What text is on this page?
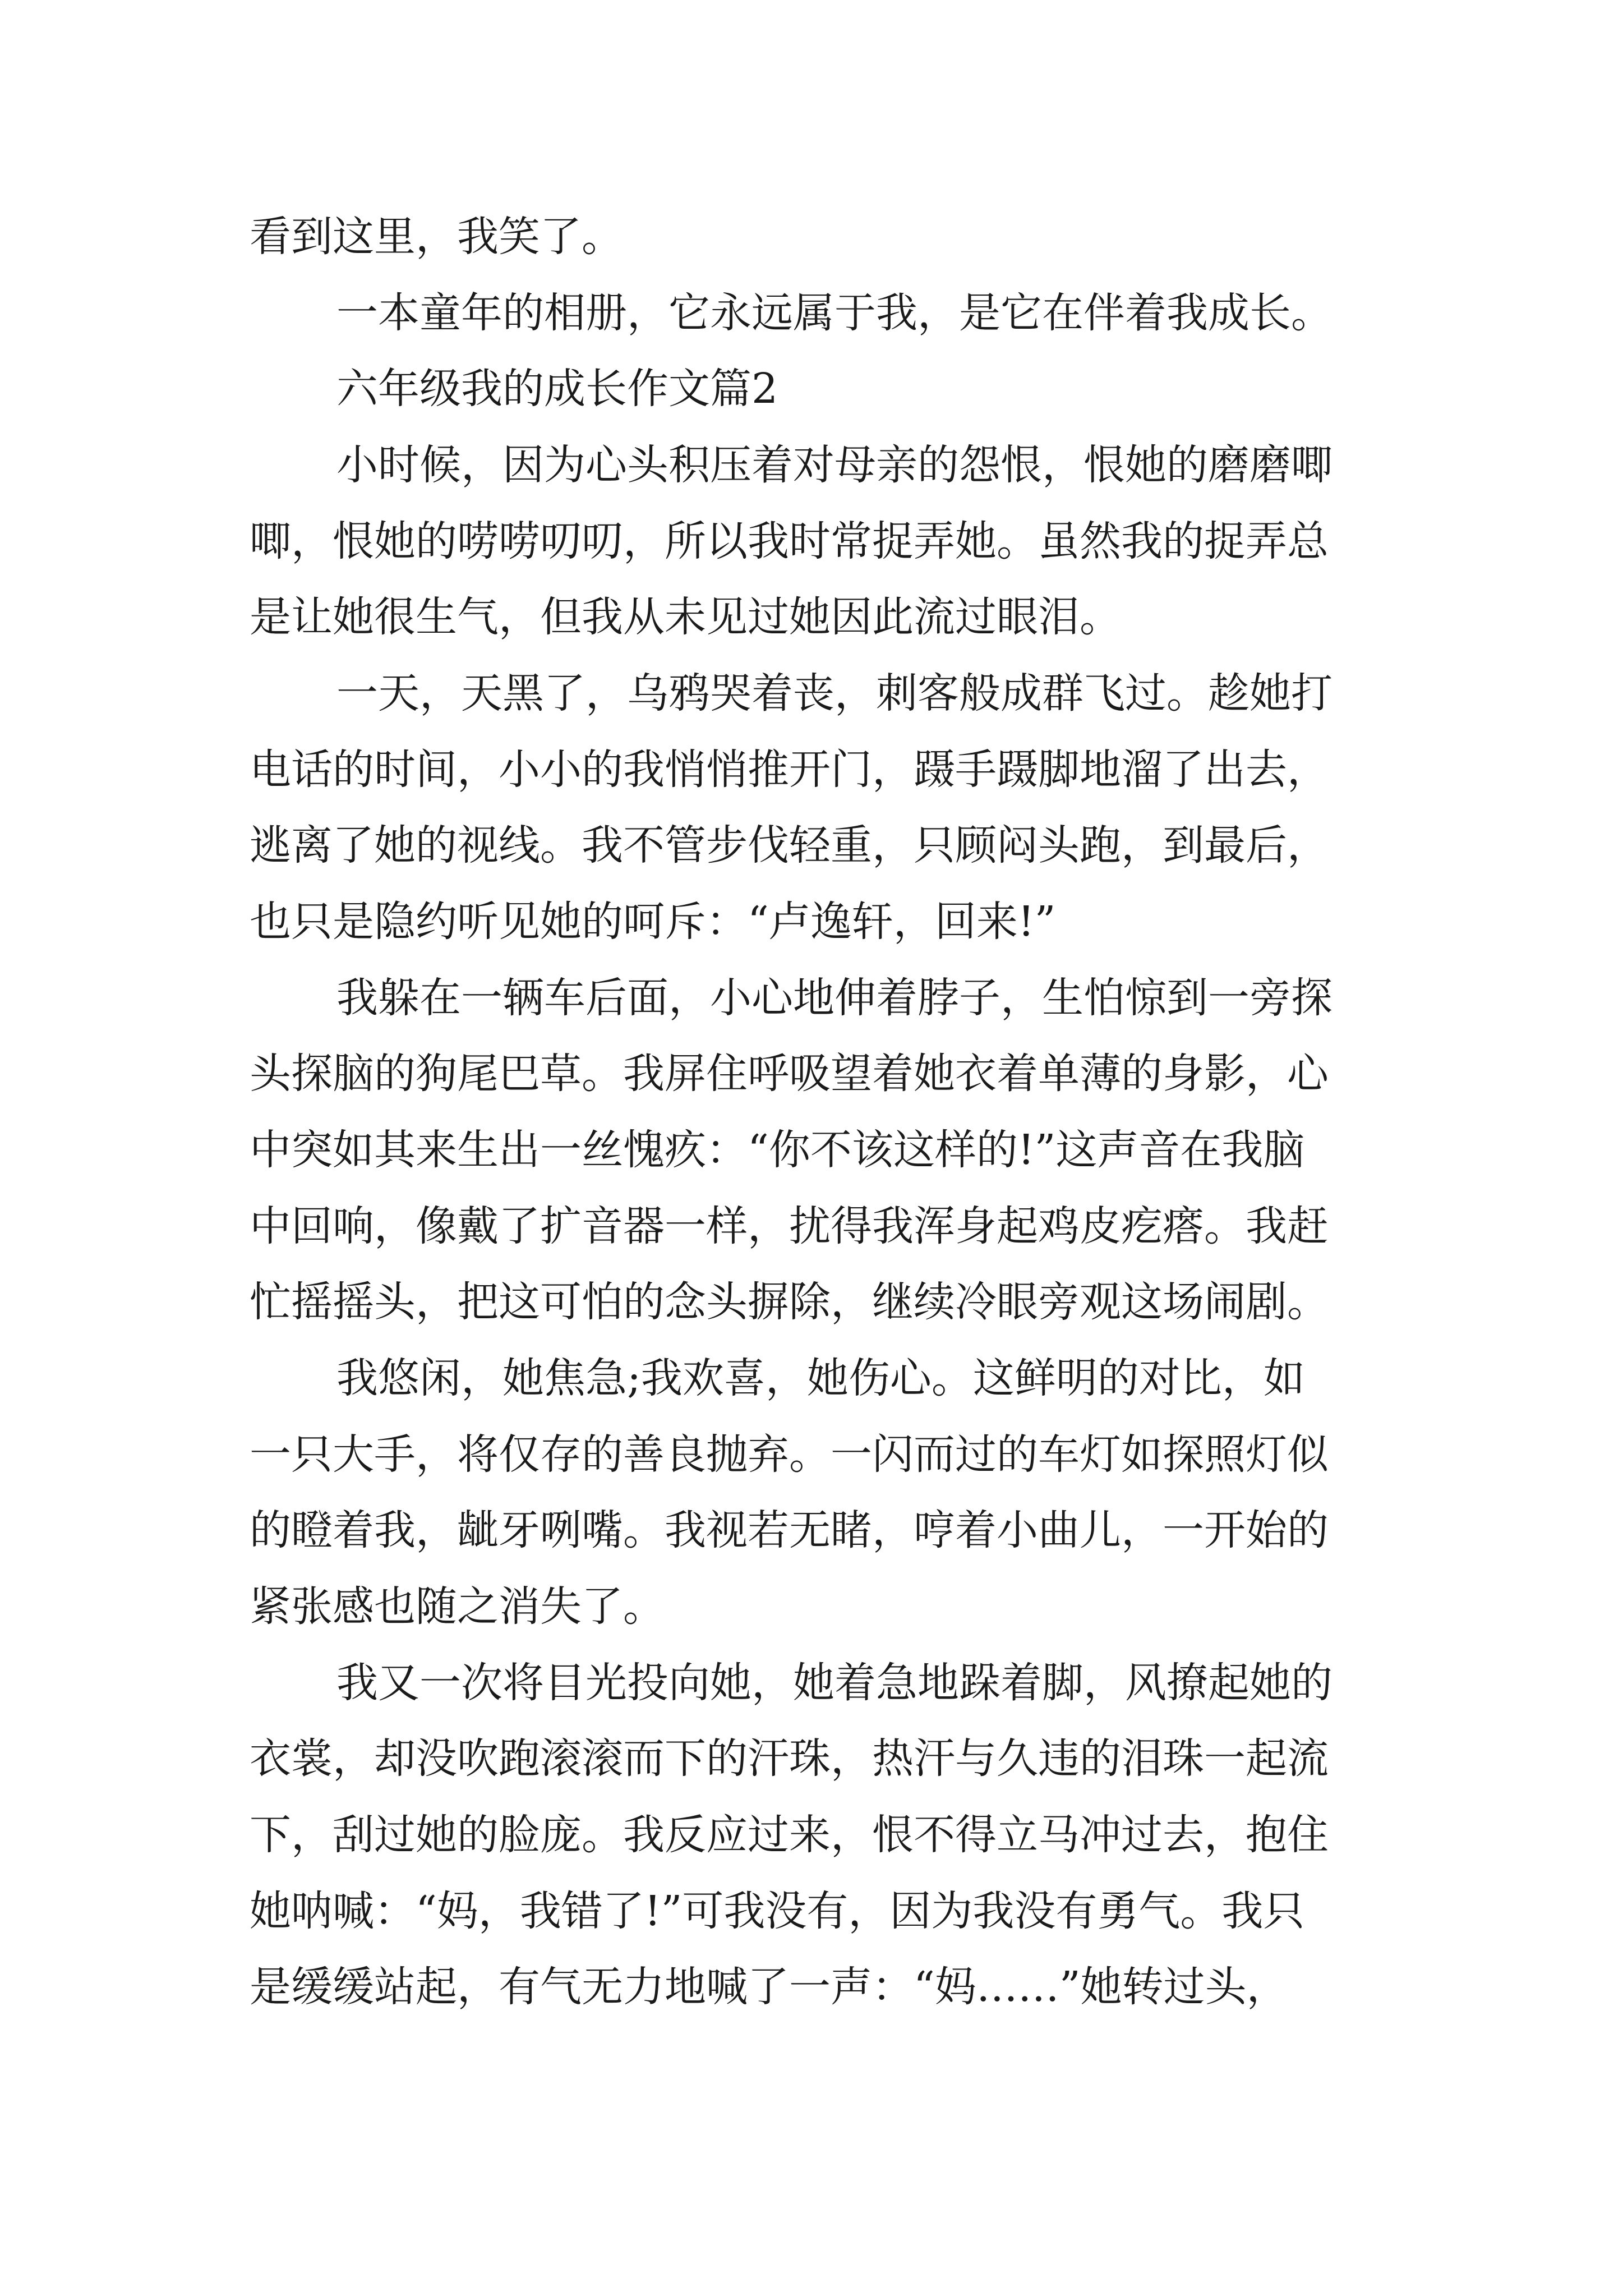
看到这里，我笑了。

一本童年的相册，它永远属于我，是它在伴着我成长。

六年级我的成长作文篇2

小时候，因为心头积压着对母亲的怨恨，恨她的磨磨唧

唧，恨她的唠唠叨叨，所以我时常捉弄她。虽然我的捉弄总

是让她很生气，但我从未见过她因此流过眼泪。

一天，天黑了，乌鸦哭着丧，刺客般成群飞过。趁她打

电话的时间，小小的我悄悄推开门，蹑手蹑脚地溜了出去，

逃离了她的视线。我不管步伐轻重，只顾闷头跑，到最后，

也只是隐约听见她的呵斥：“卢逸轩，回来!”

我躲在一辆车后面，小心地伸着脖子，生怕惊到一旁探

头探脑的狗尾巴草。我屏住呼吸望着她衣着单薄的身影，心

中突如其来生出一丝愧疚：“你不该这样的!”这声音在我脑

中回响，像戴了扩音器一样，扰得我浑身起鸡皮疙瘩。我赶

忙摇摇头，把这可怕的念头摒除，继续冷眼旁观这场闹剧。

我悠闲，她焦急;我欢喜，她伤心。这鲜明的对比，如

一只大手，将仅存的善良抛弃。一闪而过的车灯如探照灯似

的瞪着我，龇牙咧嘴。我视若无睹，哼着小曲儿，一开始的

紧张感也随之消失了。

我又一次将目光投向她，她着急地跺着脚，风撩起她的

衣裳，却没吹跑滚滚而下的汗珠，热汗与久违的泪珠一起流

下，刮过她的脸庞。我反应过来，恨不得立马冲过去，抱住

她呐喊：“妈，我错了!”可我没有，因为我没有勇气。我只

是缓缓站起，有气无力地喊了一声：“妈……”她转过头，
